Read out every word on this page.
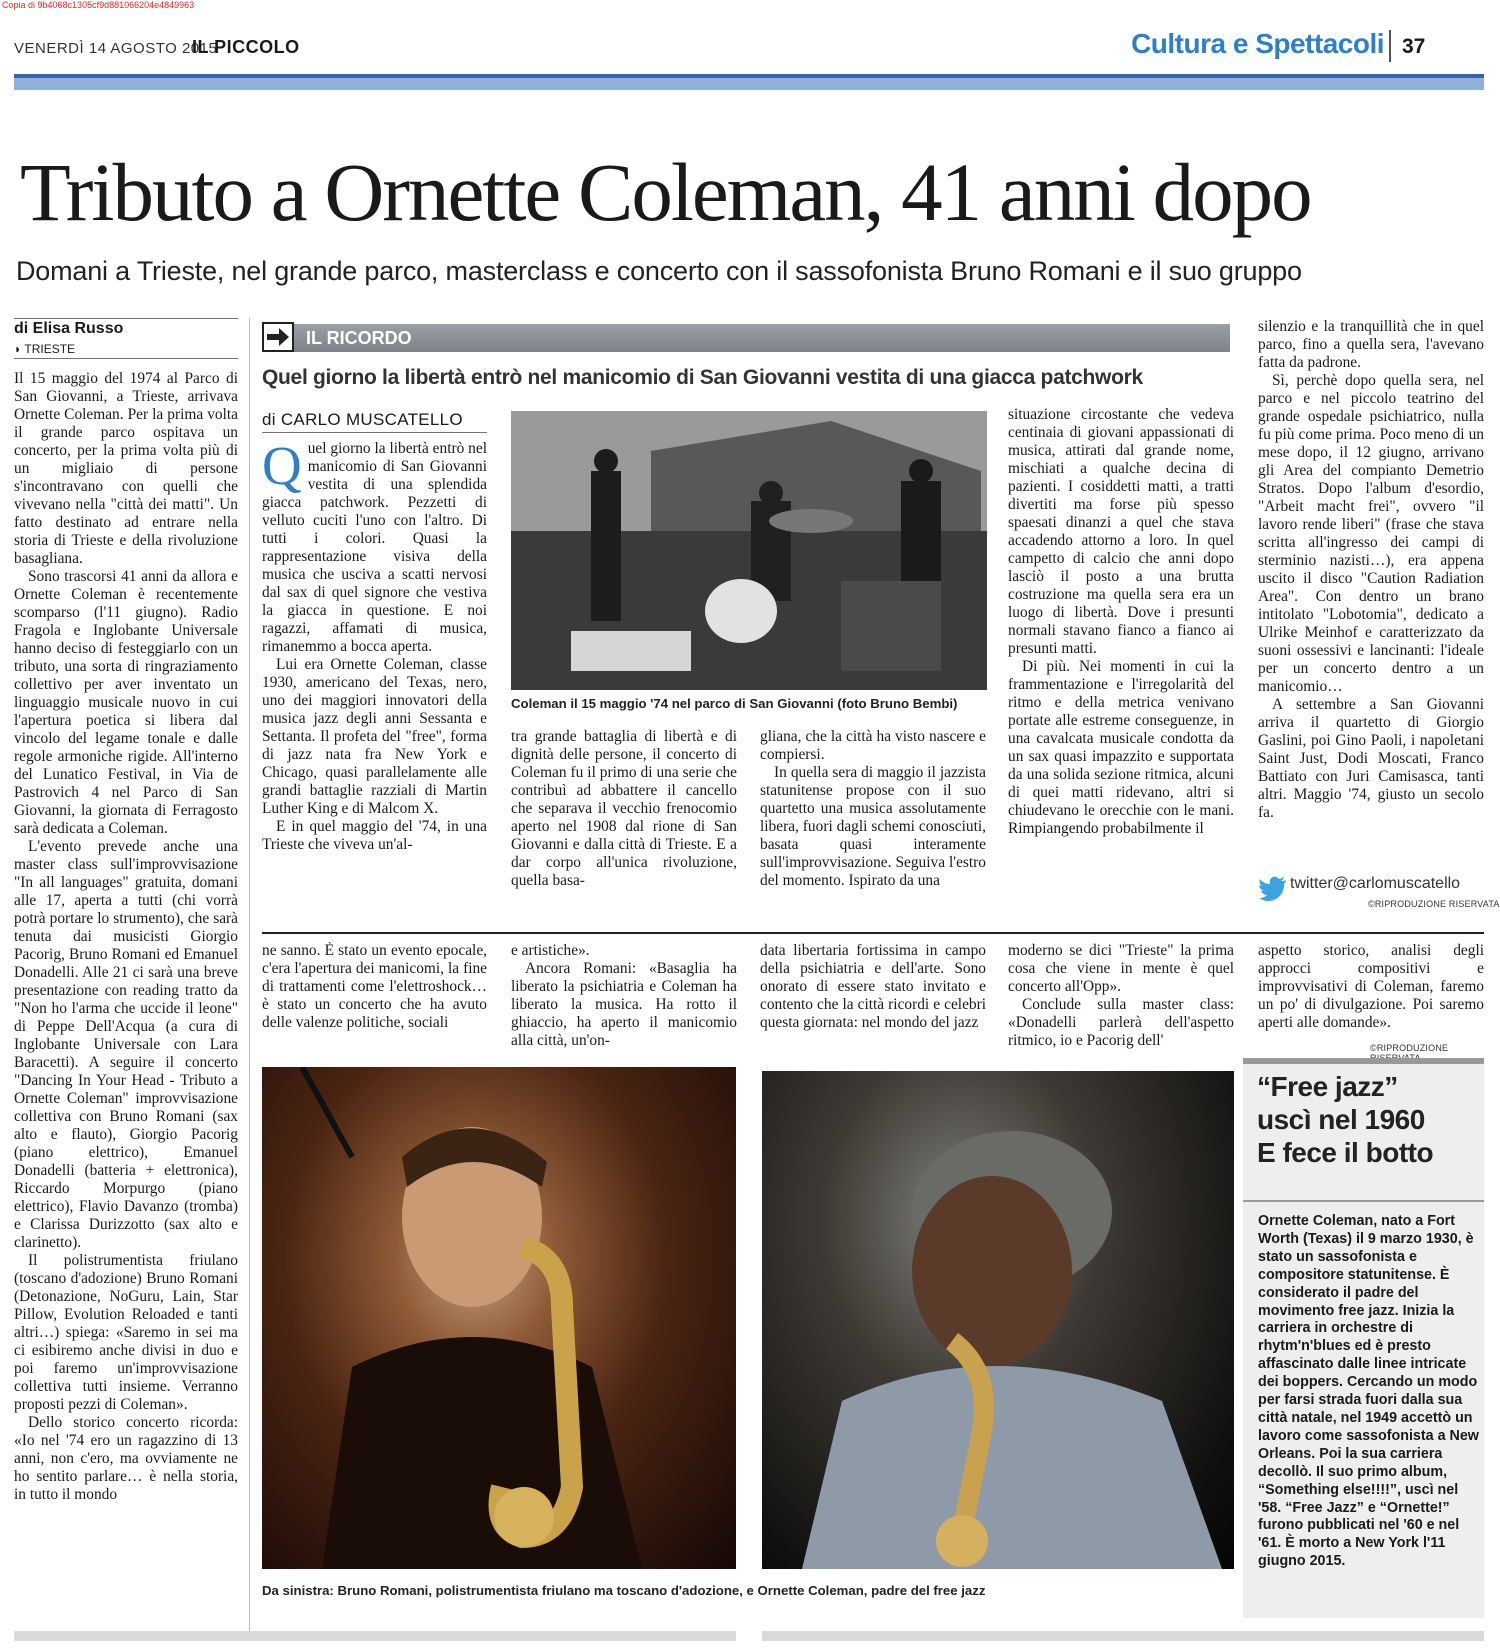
Copia di 9b4068c1305cf9d881066204e4849963
VENERDÌ 14 AGOSTO 2015
IL PICCOLO	Cultura e Spettacoli 37
Tributo a Ornette Coleman, 41 anni dopo
Domani a Trieste, nel grande parco, masterclass e concerto con il sassofonista Bruno Romani e il suo gruppo
di Elisa Russo
◗ TRIESTE

Il 15 maggio del 1974 al Parco di San Giovanni, a Trieste, arrivava Ornette Coleman. Per la prima volta il grande parco ospitava un concerto, per la prima volta più di un migliaio di persone s'incontravano con quelli che vivevano nella "città dei matti". Un fatto destinato ad entrare nella storia di Trieste e della rivoluzione basagliana.

Sono trascorsi 41 anni da allora e Ornette Coleman è recentemente scomparso (l'11 giugno). Radio Fragola e Inglobante Universale hanno deciso di festeggiarlo con un tributo, una sorta di ringraziamento collettivo per aver inventato un linguaggio musicale nuovo in cui l'apertura poetica si libera dal vincolo del legame tonale e dalle regole armoniche rigide. All'interno del Lunatico Festival, in Via de Pastrovich 4 nel Parco di San Giovanni, la giornata di Ferragosto sarà dedicata a Coleman.

L'evento prevede anche una master class sull'improvvisazione "In all languages" gratuita, domani alle 17, aperta a tutti (chi vorrà potrà portare lo strumento), che sarà tenuta dai musicisti Giorgio Pacorig, Bruno Romani ed Emanuel Donadelli. Alle 21 ci sarà una breve presentazione con reading tratto da "Non ho l'arma che uccide il leone" di Peppe Dell'Acqua (a cura di Inglobante Universale con Lara Baracetti). A seguire il concerto "Dancing In Your Head - Tributo a Ornette Coleman" improvvisazione collettiva con Bruno Romani (sax alto e flauto), Giorgio Pacorig (piano elettrico), Emanuel Donadelli (batteria + elettronica), Riccardo Morpurgo (piano elettrico), Flavio Davanzo (tromba) e Clarissa Durizzotto (sax alto e clarinetto).

Il polistrumentista friulano (toscano d'adozione) Bruno Romani (Detonazione, NoGuru, Lain, Star Pillow, Evolution Reloaded e tanti altri…) spiega: «Saremo in sei ma ci esibiremo anche divisi in duo e poi faremo un'improvvisazione collettiva tutti insieme. Verranno proposti pezzi di Coleman».

Dello storico concerto ricorda: «Io nel '74 ero un ragazzino di 13 anni, non c'ero, ma ovviamente ne ho sentito parlare… è nella storia, in tutto il mondo

IL RICORDO
Quel giorno la libertà entrò nel manicomio di San Giovanni vestita di una giacca patchwork
di CARLO MUSCATELLO

Quel giorno la libertà entrò nel manicomio di San Giovanni vestita di una splendida giacca patchwork. Pezzetti di velluto cuciti l'uno con l'altro. Di tutti i colori. Quasi la rappresentazione visiva della musica che usciva a scatti nervosi dal sax di quel signore che vestiva la giacca in questione. E noi ragazzi, affamati di musica, rimanemmo a bocca aperta.

Lui era Ornette Coleman, classe 1930, americano del Texas, nero, uno dei maggiori innovatori della musica jazz degli anni Sessanta e Settanta. Il profeta del "free", forma di jazz nata fra New York e Chicago, quasi parallelamente alle grandi battaglie razziali di Martin Luther King e di Malcom X.

E in quel maggio del '74, in una Trieste che viveva un'al-

Coleman il 15 maggio '74 nel parco di San Giovanni (foto Bruno Bembi)

tra grande battaglia di libertà e di dignità delle persone, il concerto di Coleman fu il primo di una serie che contribuì ad abbattere il cancello che separava il vecchio frenocomio aperto nel 1908 dal rione di San Giovanni e dalla città di Trieste. E a dar corpo all'unica rivoluzione, quella basa-

gliana, che la città ha visto nascere e compiersi.

In quella sera di maggio il jazzista statunitense propose con il suo quartetto una musica assolutamente libera, fuori dagli schemi conosciuti, basata quasi interamente sull'improvvisazione. Seguiva l'estro del momento. Ispirato da una

situazione circostante che vedeva centinaia di giovani appassionati di musica, attirati dal grande nome, mischiati a qualche decina di pazienti. I cosiddetti matti, a tratti divertiti ma forse più spesso spaesati dinanzi a quel che stava accadendo attorno a loro. In quel campetto di calcio che anni dopo lasciò il posto a una brutta costruzione ma quella sera era un luogo di libertà. Dove i presunti normali stavano fianco a fianco ai presunti matti.

Di più. Nei momenti in cui la frammentazione e l'irregolarità del ritmo e della metrica venivano portate alle estreme conseguenze, in una cavalcata musicale condotta da un sax quasi impazzito e supportata da una solida sezione ritmica, alcuni di quei matti ridevano, altri si chiudevano le orecchie con le mani. Rimpiangendo probabilmente il

silenzio e la tranquillità che in quel parco, fino a quella sera, l'avevano fatta da padrone.

Sì, perchè dopo quella sera, nel parco e nel piccolo teatrino del grande ospedale psichiatrico, nulla fu più come prima. Poco meno di un mese dopo, il 12 giugno, arrivano gli Area del compianto Demetrio Stratos. Dopo l'album d'esordio, "Arbeit macht frei", ovvero "il lavoro rende liberi" (frase che stava scritta all'ingresso dei campi di sterminio nazisti…), era appena uscito il disco "Caution Radiation Area". Con dentro un brano intitolato "Lobotomia", dedicato a Ulrike Meinhof e caratterizzato da suoni ossessivi e lancinanti: l'ideale per un concerto dentro a un manicomio…

A settembre a San Giovanni arriva il quartetto di Giorgio Gaslini, poi Gino Paoli, i napoletani Saint Just, Dodi Moscati, Franco Battiato con Juri Camisasca, tanti altri. Maggio '74, giusto un secolo fa.

twitter@carlomuscatello
©RIPRODUZIONE RISERVATA

ne sanno. È stato un evento epocale, c'era l'apertura dei manicomi, la fine di trattamenti come l'elettroshock… è stato un concerto che ha avuto delle valenze politiche, sociali

e artistiche».

Ancora Romani: «Basaglia ha liberato la psichiatria e Coleman ha liberato la musica. Ha rotto il ghiaccio, ha aperto il manicomio alla città, un'on-

data libertaria fortissima in campo della psichiatria e dell'arte. Sono onorato di essere stato invitato e contento che la città ricordi e celebri questa giornata: nel mondo del jazz

moderno se dici "Trieste" la prima cosa che viene in mente è quel concerto all'Opp».

Conclude sulla master class: «Donadelli parlerà dell'aspetto ritmico, io e Pacorig dell'

aspetto storico, analisi degli approcci compositivi e improvvisativi di Coleman, faremo un po' di divulgazione. Poi saremo aperti alle domande».

©RIPRODUZIONE
Da sinistra: Bruno Romani, polistrumentista friulano ma toscano d'adozione, e Ornette Coleman, padre del free jazz
“Free jazz”
uscì nel 1960
E fece il botto
Ornette Coleman, nato a Fort Worth (Texas) il 9 marzo 1930, è stato un sassofonista e compositore statunitense. È considerato il padre del movimento free jazz. Inizia la carriera in orchestre di rhytm'n'blues ed è presto affascinato dalle linee intricate dei boppers. Cercando un modo per farsi strada fuori dalla sua città natale, nel 1949 accettò un lavoro come sassofonista a New Orleans. Poi la sua carriera decollò. Il suo primo album, “Something else!!!!”, uscì nel '58. “Free Jazz” e “Ornette!” furono pubblicati nel '60 e nel '61. È morto a New York l'11 giugno 2015.
